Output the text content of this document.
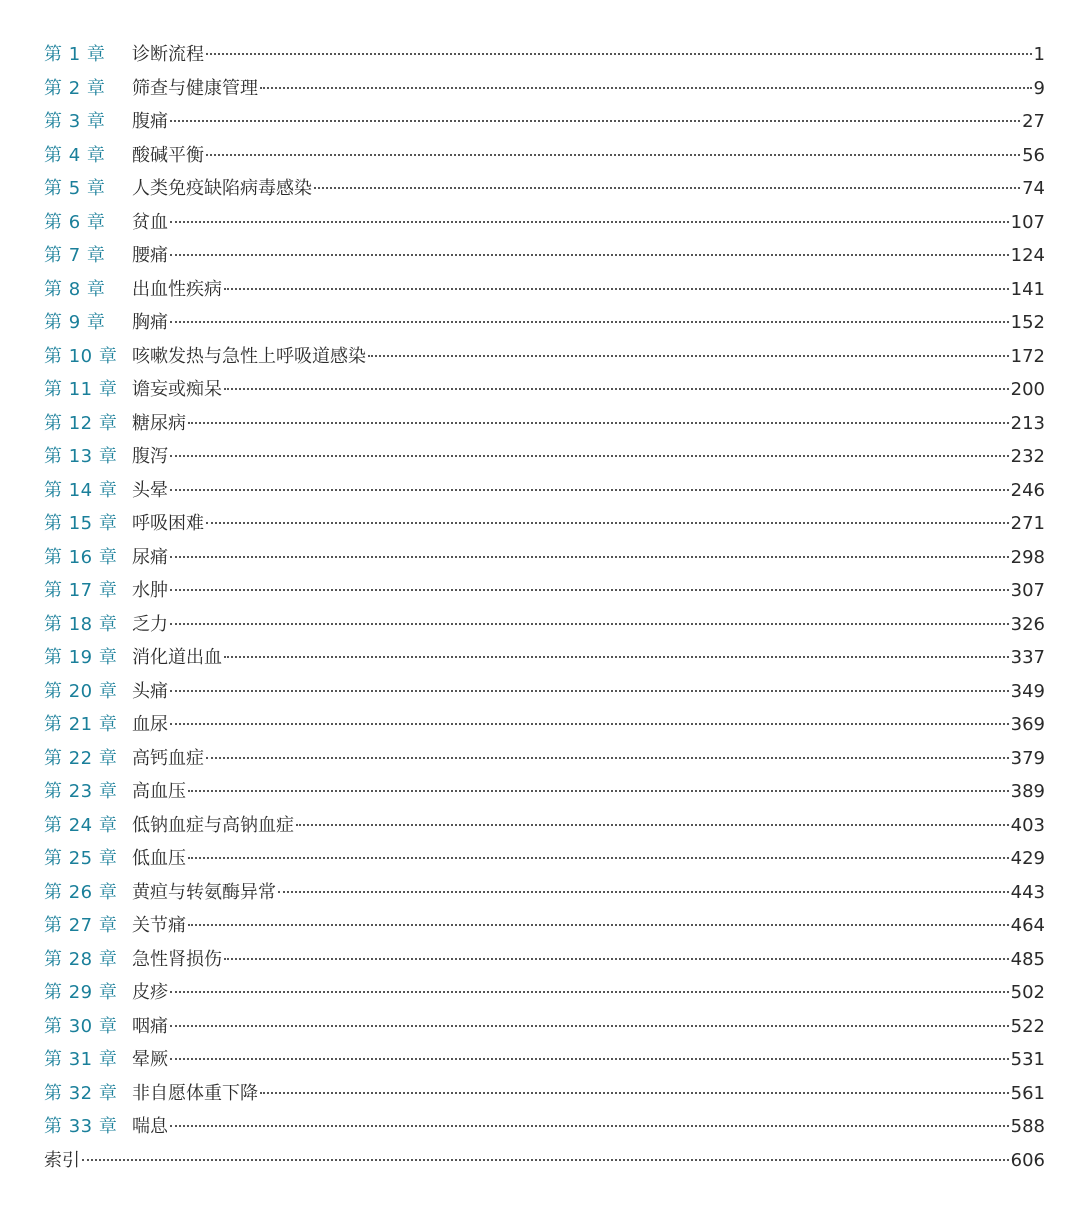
第 1 章	诊断流程	1
第 2 章	筛查与健康管理	9
第 3 章	腹痛	27
第 4 章	酸碱平衡	56
第 5 章	人类免疫缺陷病毒感染	74
第 6 章	贫血	107
第 7 章	腰痛	124
第 8 章	出血性疾病	141
第 9 章	胸痛	152
第 10 章 咳嗽发热与急性上呼吸道感染	172
第 11 章 谵妄或痴呆	200
第 12 章 糖尿病	213
第 13 章 腹泻	232
第 14 章 头晕	246
第 15 章 呼吸困难	271
第 16 章 尿痛	298
第 17 章 水肿	307
第 18 章 乏力	326
第 19 章 消化道出血	337
第 20 章 头痛	349
第 21 章 血尿	369
第 22 章 高钙血症	379
第 23 章 高血压	389
第 24 章 低钠血症与高钠血症	403
第 25 章 低血压	429
第 26 章 黄疸与转氨酶异常	443
第 27 章 关节痛	464
第 28 章 急性肾损伤	485
第 29 章 皮疹	502
第 30 章 咽痛	522
第 31 章 晕厥	531
第 32 章 非自愿体重下降	561
第 33 章 喘息	588
索引	606
